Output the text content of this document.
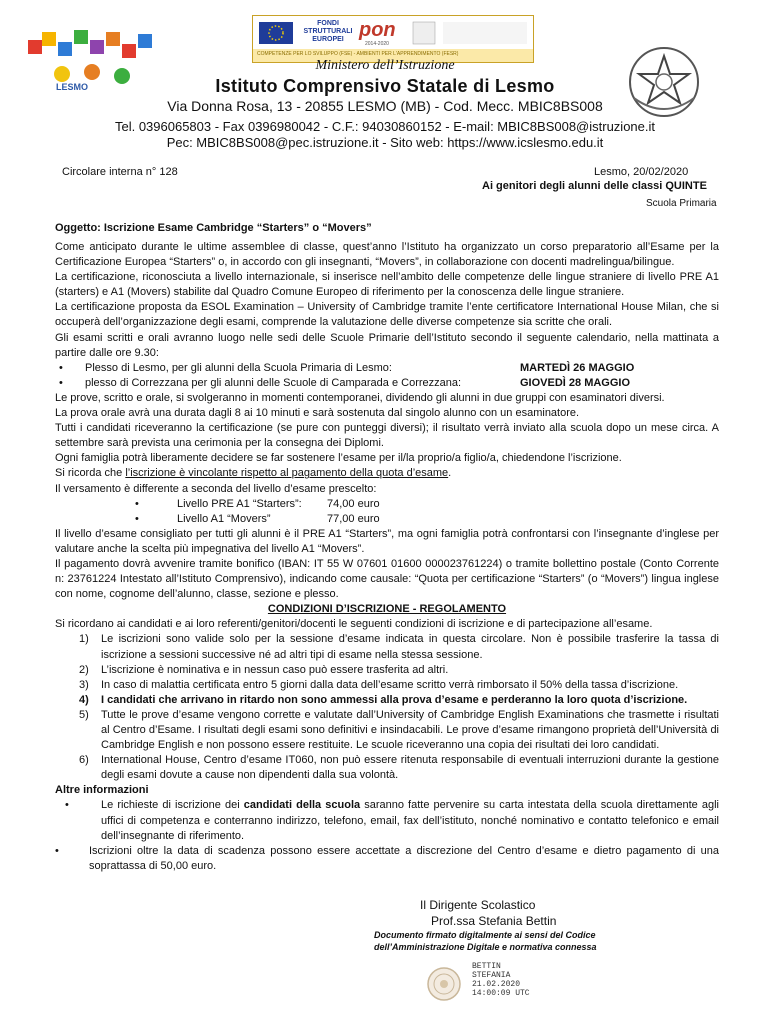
LESMO
FONDI STRUTTURALI EUROPEI pon
2014-2020
COMPETENZE PER LO SVILUPPO (FSE) - AMBIENTI PER L'APPRENDIMENTO (FESR)
Ministero dell’Istruzione
Istituto Comprensivo Statale di Lesmo
Via Donna Rosa, 13 - 20855 LESMO (MB) - Cod. Mecc. MBIC8BS008
Tel. 0396065803 - Fax 0396980042 - C.F.: 94030860152 - E-mail: MBIC8BS008@istruzione.it
Pec: MBIC8BS008@pec.istruzione.it - Sito web: https://www.icslesmo.edu.it
Circolare interna n° 128	Lesmo, 20/02/2020
Ai genitori degli alunni delle classi QUINTE
Scuola Primaria
Oggetto: Iscrizione Esame Cambridge “Starters” o “Movers”

Come anticipato durante le ultime assemblee di classe, quest’anno l’Istituto ha organizzato un corso preparatorio all’Esame per la Certificazione Europea “Starters” o, in accordo con gli insegnanti, “Movers”, in collaborazione con docenti madrelingua/bilingue.

La certificazione, riconosciuta a livello internazionale, si inserisce nell’ambito delle competenze delle lingue straniere di livello PRE A1 (starters) e A1 (Movers) stabilite dal Quadro Comune Europeo di riferimento per la conoscenza delle lingue straniere.

La certificazione proposta da ESOL Examination – University of Cambridge tramite l’ente certificatore International House Milan, che si occuperà dell’organizzazione degli esami, comprende la valutazione delle diverse competenze sia scritte che orali.

Gli esami scritti e orali avranno luogo nelle sedi delle Scuole Primarie dell’Istituto secondo il seguente calendario, nella mattinata a partire dalle ore 9.30:

• Plesso di Lesmo, per gli alunni della Scuola Primaria di Lesmo:	MARTEDÌ 26 MAGGIO
• plesso di Correzzana per gli alunni delle Scuole di Camparada e Correzzana:	GIOVEDÌ 28 MAGGIO

Le prove, scritto e orale, si svolgeranno in momenti contemporanei, dividendo gli alunni in due gruppi con esaminatori diversi.

La prova orale avrà una durata dagli 8 ai 10 minuti e sarà sostenuta dal singolo alunno con un esaminatore.

Tutti i candidati riceveranno la certificazione (se pure con punteggi diversi); il risultato verrà inviato alla scuola dopo un mese circa. A settembre sarà prevista una cerimonia per la consegna dei Diplomi.

Ogni famiglia potrà liberamente decidere se far sostenere l’esame per il/la proprio/a figlio/a, chiedendone l’iscrizione.

Si ricorda che l’iscrizione è vincolante rispetto al pagamento della quota d’esame.

Il versamento è differente a seconda del livello d’esame prescelto:

• Livello PRE A1 “Starters”:	74,00 euro
• Livello A1 “Movers”	77,00 euro

Il livello d’esame consigliato per tutti gli alunni è il PRE A1 “Starters”, ma ogni famiglia potrà confrontarsi con l’insegnante d’inglese per valutare anche la scelta più impegnativa del livello A1 “Movers”.

Il pagamento dovrà avvenire tramite bonifico (IBAN: IT 55 W 07601 01600 000023761224) o tramite bollettino postale (Conto Corrente n: 23761224 Intestato all’Istituto Comprensivo), indicando come causale: “Quota per certificazione “Starters” (o “Movers”) lingua inglese con nome, cognome dell’alunno, classe, sezione e plesso.

CONDIZIONI D’ISCRIZIONE - REGOLAMENTO

Si ricordano ai candidati e ai loro referenti/genitori/docenti le seguenti condizioni di iscrizione e di partecipazione all’esame.

1)	Le iscrizioni sono valide solo per la sessione d’esame indicata in questa circolare. Non è possibile trasferire la tassa di iscrizione a sessioni successive né ad altri tipi di esame nella stessa sessione.
2)	L’iscrizione è nominativa e in nessun caso può essere trasferita ad altri.
3)	In caso di malattia certificata entro 5 giorni dalla data dell’esame scritto verrà rimborsato il 50% della tassa d’iscrizione.
4)	I candidati che arrivano in ritardo non sono ammessi alla prova d’esame e perderanno la loro quota d’iscrizione.
5)	Tutte le prove d’esame vengono corrette e valutate dall’University of Cambridge English Examinations che trasmette i risultati al Centro d’Esame. I risultati degli esami sono definitivi e insindacabili. Le prove d’esame rimangono proprietà dell’Università di Cambridge English e non possono essere restituite. Le scuole riceveranno una copia dei risultati dei loro candidati.
6)	International House, Centro d’esame IT060, non può essere ritenuta responsabile di eventuali interruzioni durante la gestione degli esami dovute a cause non dipendenti dalla sua volontà.

Altre informazioni

• Le richieste di iscrizione dei candidati della scuola saranno fatte pervenire su carta intestata della scuola direttamente agli uffici di competenza e conterranno indirizzo, telefono, email, fax dell’istituto, nonché nominativo e contatto telefonico e email dell’insegnante di riferimento.

• Iscrizioni oltre la data di scadenza possono essere accettate a discrezione del Centro d’esame e dietro pagamento di una soprattassa di 50,00 euro.

Il Dirigente Scolastico
Prof.ssa Stefania Bettin
Documento firmato digitalmente ai sensi del Codice
dell’Amministrazione Digitale e normativa connessa
BETTIN
STEFANIA
21.02.2020
14:00:09 UTC
